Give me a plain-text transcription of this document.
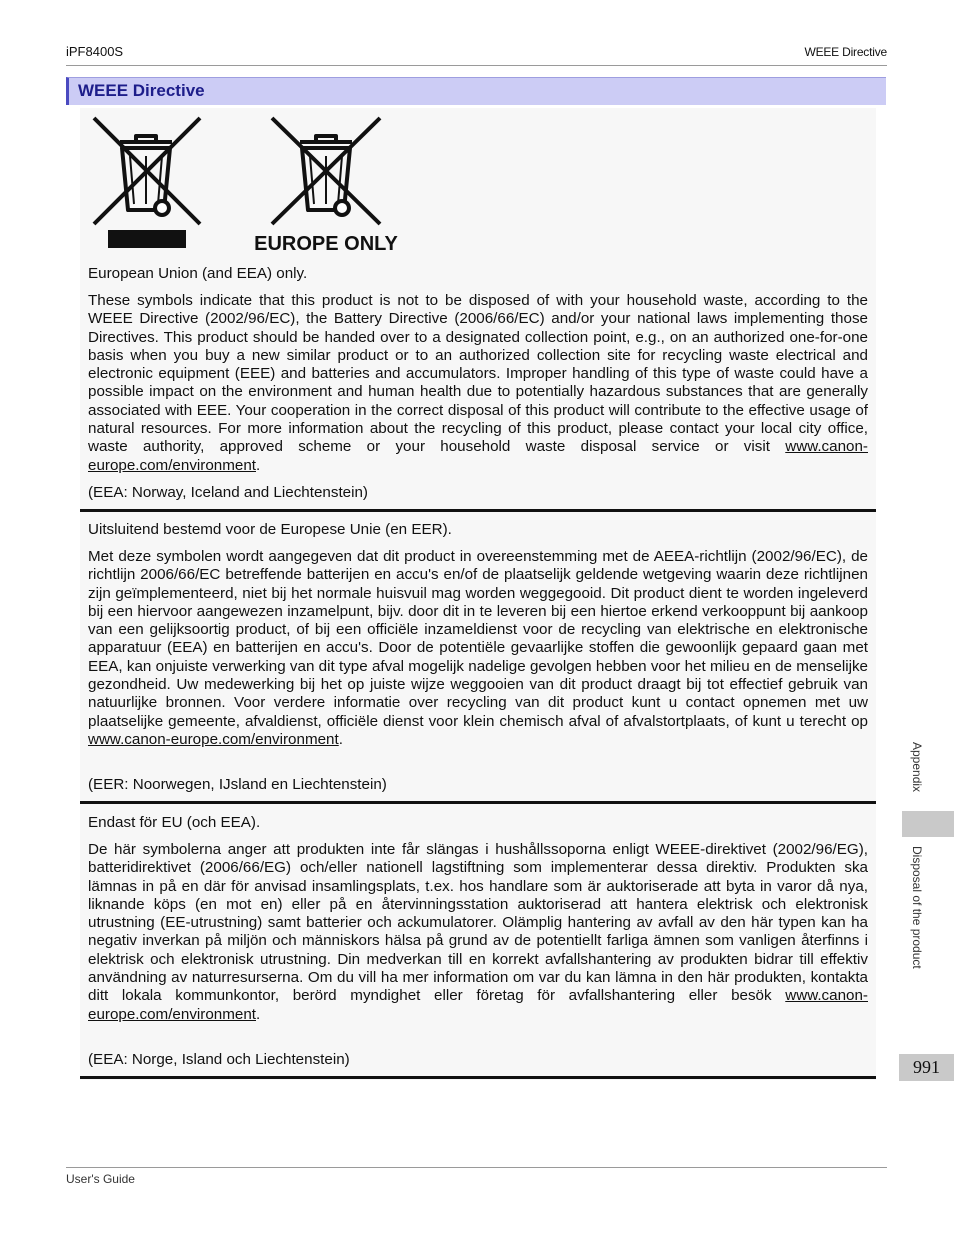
iPF8400S	WEEE Directive
WEEE Directive
EUROPE ONLY
European Union (and EEA) only.

These symbols indicate that this product is not to be disposed of with your household waste, according to the WEEE Directive (2002/96/EC), the Battery Directive (2006/66/EC) and/or your national laws implementing those Directives. This product should be handed over to a designated collection point, e.g., on an authorized one-for-one basis when you buy a new similar product or to an authorized collection site for recycling waste electrical and electronic equipment (EEE) and batteries and accumulators. Improper handling of this type of waste could have a possible impact on the environment and human health due to potentially hazardous substances that are generally associated with EEE. Your cooperation in the correct disposal of this product will contribute to the effective usage of natural resources. For more information about the recycling of this product, please contact your local city office, waste authority, approved scheme or your household waste disposal service or visit www.canon-europe.com/environment.

(EEA: Norway, Iceland and Liechtenstein)
Uitsluitend bestemd voor de Europese Unie (en EER).

Met deze symbolen wordt aangegeven dat dit product in overeenstemming met de AEEA-richtlijn (2002/96/EC), de richtlijn 2006/66/EC betreffende batterijen en accu's en/of de plaatselijk geldende wetgeving waarin deze richtlijnen zijn geïmplementeerd, niet bij het normale huisvuil mag worden weggegooid. Dit product dient te worden ingeleverd bij een hiervoor aangewezen inzamelpunt, bijv. door dit in te leveren bij een hiertoe erkend verkooppunt bij aankoop van een gelijksoortig product, of bij een officiële inzameldienst voor de recycling van elektrische en elektronische apparatuur (EEA) en batterijen en accu's. Door de potentiële gevaarlijke stoffen die gewoonlijk gepaard gaan met EEA, kan onjuiste verwerking van dit type afval mogelijk nadelige gevolgen hebben voor het milieu en de menselijke gezondheid. Uw medewerking bij het op juiste wijze weggooien van dit product draagt bij tot effectief gebruik van natuurlijke bronnen. Voor verdere informatie over recycling van dit product kunt u contact opnemen met uw plaatselijke gemeente, afvaldienst, officiële dienst voor klein chemisch afval of afvalstortplaats, of kunt u terecht op www.canon-europe.com/environment.

(EER: Noorwegen, IJsland en Liechtenstein)
Endast för EU (och EEA).

De här symbolerna anger att produkten inte får slängas i hushållssoporna enligt WEEE-direktivet (2002/96/EG), batteridirektivet (2006/66/EG) och/eller nationell lagstiftning som implementerar dessa direktiv. Produkten ska lämnas in på en där för anvisad insamlingsplats, t.ex. hos handlare som är auktoriserade att byta in varor då nya, liknande köps (en mot en) eller på en återvinningsstation auktoriserad att hantera elektrisk och elektronisk utrustning (EE-utrustning) samt batterier och ackumulatorer. Olämplig hantering av avfall av den här typen kan ha negativ inverkan på miljön och människors hälsa på grund av de potentiellt farliga ämnen som vanligen återfinns i elektrisk och elektronisk utrustning. Din medverkan till en korrekt avfallshantering av produkten bidrar till effektiv användning av naturresurserna. Om du vill ha mer information om var du kan lämna in den här produkten, kontakta ditt lokala kommunkontor, berörd myndighet eller företag för avfallshantering eller besök www.canon-europe.com/environment.

(EEA: Norge, Island och Liechtenstein)
Appendix
Disposal of the product
991
User's Guide
